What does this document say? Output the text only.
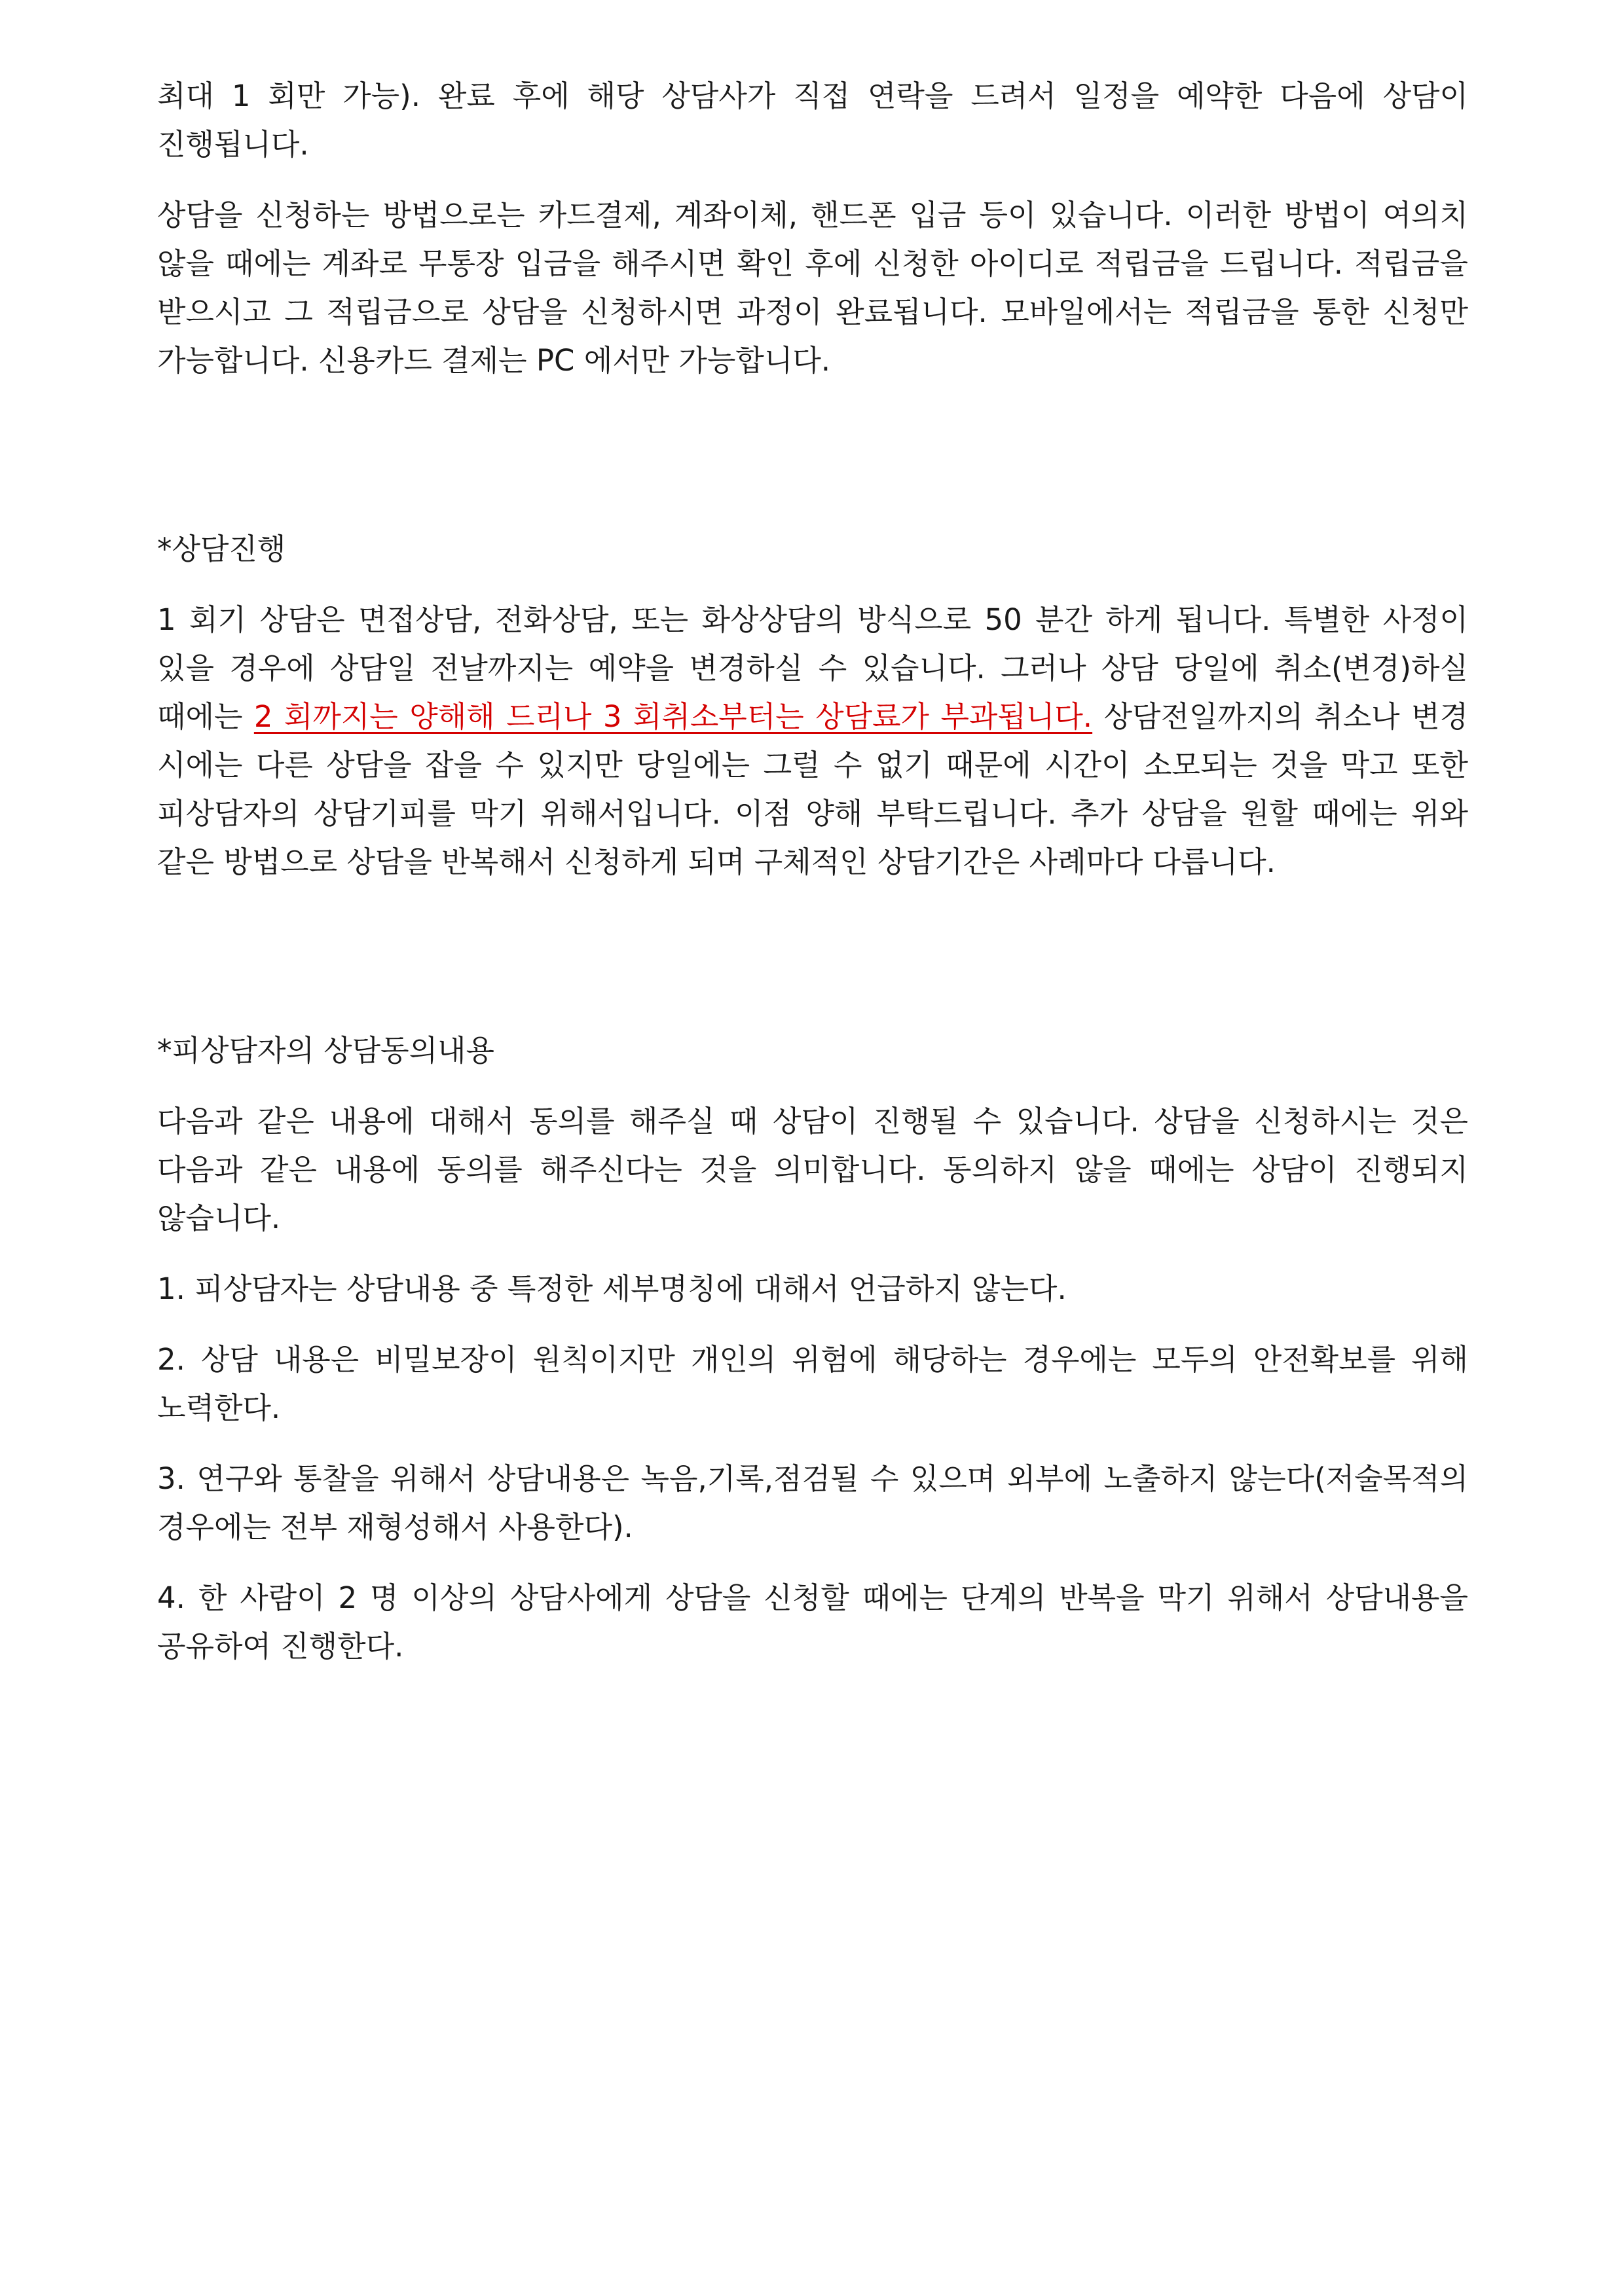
최대 1 회만 가능). 완료 후에 해당 상담사가 직접 연락을 드려서 일정을 예약한 다음에 상담이 진행됩니다.

상담을 신청하는 방법으로는 카드결제, 계좌이체, 핸드폰 입금 등이 있습니다. 이러한 방법이 여의치 않을 때에는 계좌로 무통장 입금을 해주시면 확인 후에 신청한 아이디로 적립금을 드립니다. 적립금을 받으시고 그 적립금으로 상담을 신청하시면 과정이 완료됩니다. 모바일에서는 적립금을 통한 신청만 가능합니다. 신용카드 결제는 PC 에서만 가능합니다.

*상담진행

1 회기 상담은 면접상담, 전화상담, 또는 화상상담의 방식으로 50 분간 하게 됩니다. 특별한 사정이 있을 경우에 상담일 전날까지는 예약을 변경하실 수 있습니다. 그러나 상담 당일에 취소(변경)하실 때에는 2 회까지는 양해해 드리나 3 회취소부터는 상담료가 부과됩니다. 상담전일까지의 취소나 변경 시에는 다른 상담을 잡을 수 있지만 당일에는 그럴 수 없기 때문에 시간이 소모되는 것을 막고 또한 피상담자의 상담기피를 막기 위해서입니다. 이점 양해 부탁드립니다. 추가 상담을 원할 때에는 위와 같은 방법으로 상담을 반복해서 신청하게 되며 구체적인 상담기간은 사례마다 다릅니다.

*피상담자의 상담동의내용

다음과 같은 내용에 대해서 동의를 해주실 때 상담이 진행될 수 있습니다. 상담을 신청하시는 것은 다음과 같은 내용에 동의를 해주신다는 것을 의미합니다. 동의하지 않을 때에는 상담이 진행되지 않습니다.

1. 피상담자는 상담내용 중 특정한 세부명칭에 대해서 언급하지 않는다.

2. 상담 내용은 비밀보장이 원칙이지만 개인의 위험에 해당하는 경우에는 모두의 안전확보를 위해 노력한다.

3. 연구와 통찰을 위해서 상담내용은 녹음,기록,점검될 수 있으며 외부에 노출하지 않는다(저술목적의 경우에는 전부 재형성해서 사용한다).

4. 한 사람이 2 명 이상의 상담사에게 상담을 신청할 때에는 단계의 반복을 막기 위해서 상담내용을 공유하여 진행한다.
